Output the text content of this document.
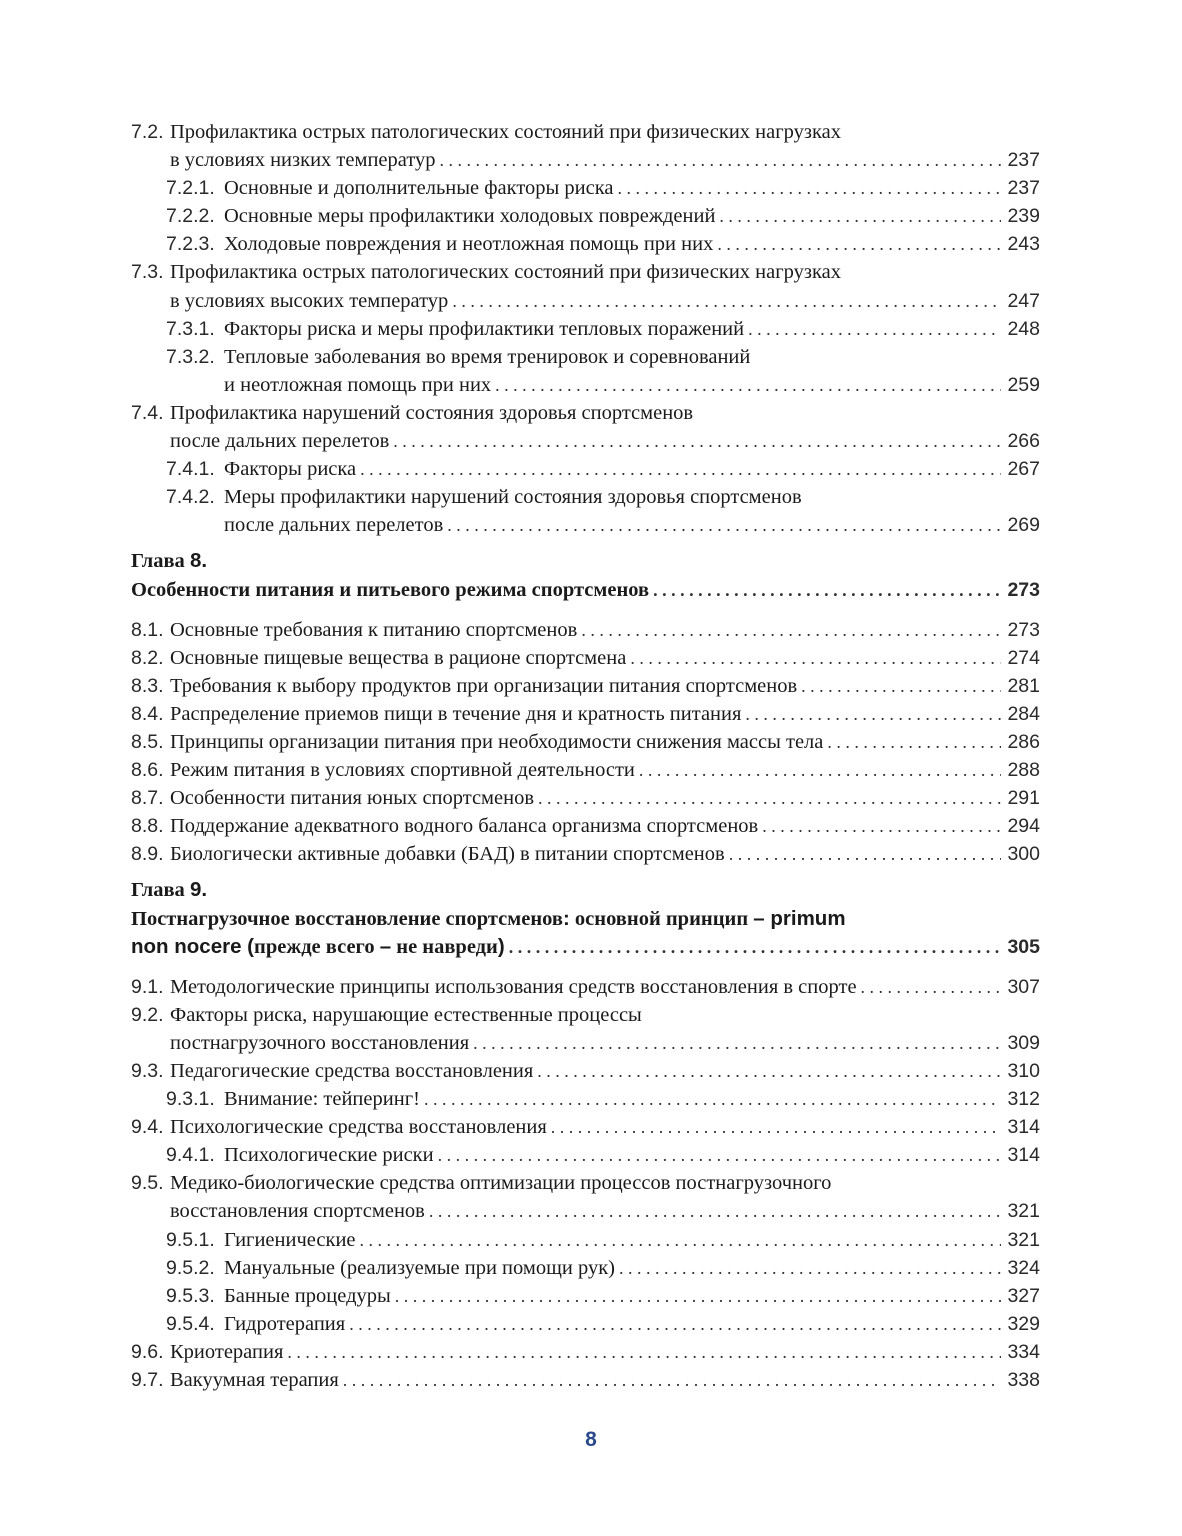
7.2. Профилактика острых патологических состояний при физических нагрузках
в условиях низких температур . . .	237
7.2.1. Основные и дополнительные факторы риска . . .	237
7.2.2. Основные меры профилактики холодовых повреждений . . .	239
7.2.3. Холодовые повреждения и неотложная помощь при них . . .	243
7.3. Профилактика острых патологических состояний при физических нагрузках
в условиях высоких температур . . .	247
7.3.1. Факторы риска и меры профилактики тепловых поражений . . .	248
7.3.2. Тепловые заболевания во время тренировок и соревнований
и неотложная помощь при них . . .	259
7.4. Профилактика нарушений состояния здоровья спортсменов
после дальних перелетов . . .	266
7.4.1. Факторы риска . . .	267
7.4.2. Меры профилактики нарушений состояния здоровья спортсменов
после дальних перелетов . . .	269
Глава
8.
Особенности питания и питьевого режима спортсменов . . .	273
8.1. Основные требования к питанию спортсменов . . .	273
8.2. Основные пищевые вещества в рационе спортсмена . . .	274
8.3. Требования к выбору продуктов при организации питания спортсменов . . .	281
8.4. Распределение приемов пищи в течение дня и кратность питания . . .	284
8.5. Принципы организации питания при необходимости снижения массы тела . . .	286
8.6. Режим питания в условиях спортивной деятельности . . .	288
8.7. Особенности питания юных спортсменов . . .	291
8.8. Поддержание адекватного водного баланса организма спортсменов . . .	294
8.9. Биологически активные добавки (БАД) в питании спортсменов . . .	300
Глава
9.
Постнагрузочное восстановление спортсменов : основной принцип – primum
non nocere ( прежде всего – не навреди ) . . .	305
9.1. Методологические принципы использования средств восстановления в спорте . . .	307
9.2. Факторы риска, нарушающие естественные процессы
постнагрузочного восстановления . . .	309
9.3. Педагогические средства восстановления . . .	310
9.3.1. Внимание: тейперинг! . . .	312
9.4. Психологические средства восстановления . . .	314
9.4.1. Психологические риски . . .	314
9.5. Медико-биологические средства оптимизации процессов постнагрузочного
восстановления спортсменов . . .	321
9.5.1. Гигиенические . . .	321
9.5.2. Мануальные (реализуемые при помощи рук) . . .	324
9.5.3. Банные процедуры . . .	327
9.5.4. Гидротерапия . . .	329
9.6. Криотерапия . . .	334
9.7. Вакуумная терапия . . .	338
8
